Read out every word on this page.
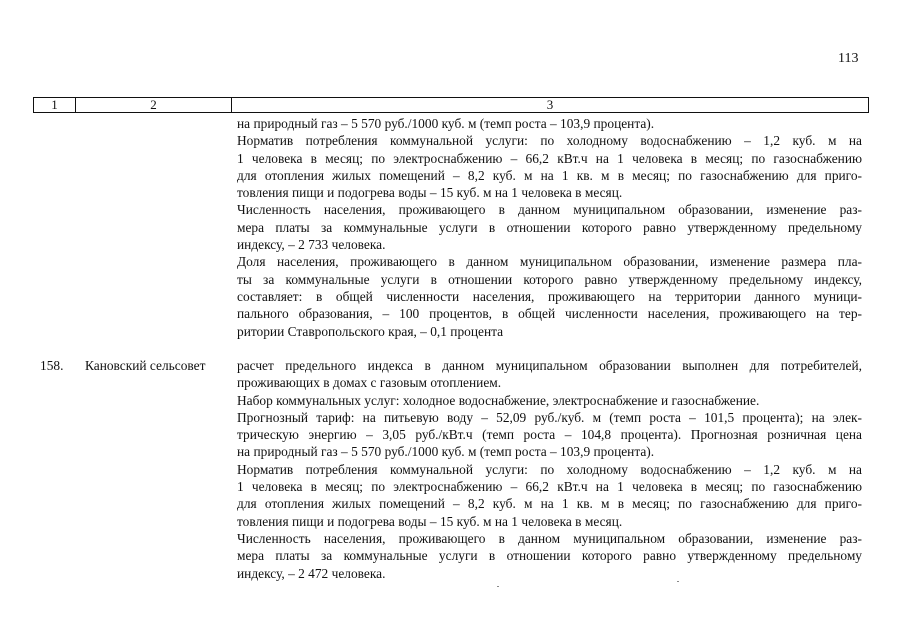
113
1	2	3
на природный газ – 5 570 руб./1000 куб. м (темп роста – 103,9 процента).
Норматив потребления коммунальной услуги: по холодному водоснабжению – 1,2 куб. м на
1 человека в месяц; по электроснабжению – 66,2 кВт.ч на 1 человека в месяц; по газоснабжению
для отопления жилых помещений – 8,2 куб. м на 1 кв. м в месяц; по газоснабжению для приго-
товления пищи и подогрева воды – 15 куб. м на 1 человека в месяц.
Численность населения, проживающего в данном муниципальном образовании, изменение раз-
мера платы за коммунальные услуги в отношении которого равно утвержденному предельному
индексу, – 2 733 человека.
Доля населения, проживающего в данном муниципальном образовании, изменение размера пла-
ты за коммунальные услуги в отношении которого равно утвержденному предельному индексу,
составляет: в общей численности населения, проживающего на территории данного муници-
пального образования, – 100 процентов, в общей численности населения, проживающего на тер-
ритории Ставропольского края, – 0,1 процента
158. Кановский сельсовет расчет предельного индекса в данном муниципальном образовании выполнен для потребителей,
проживающих в домах с газовым отоплением.
Набор коммунальных услуг: холодное водоснабжение, электроснабжение и газоснабжение.
Прогнозный тариф: на питьевую воду – 52,09 руб./куб. м (темп роста – 101,5 процента); на элек-
трическую энергию – 3,05 руб./кВт.ч (темп роста – 104,8 процента). Прогнозная розничная цена
на природный газ – 5 570 руб./1000 куб. м (темп роста – 103,9 процента).
Норматив потребления коммунальной услуги: по холодному водоснабжению – 1,2 куб. м на
1 человека в месяц; по электроснабжению – 66,2 кВт.ч на 1 человека в месяц; по газоснабжению
для отопления жилых помещений – 8,2 куб. м на 1 кв. м в месяц; по газоснабжению для приго-
товления пищи и подогрева воды – 15 куб. м на 1 человека в месяц.
Численность населения, проживающего в данном муниципальном образовании, изменение раз-
мера платы за коммунальные услуги в отношении которого равно утвержденному предельному
индексу, – 2 472 человека.
